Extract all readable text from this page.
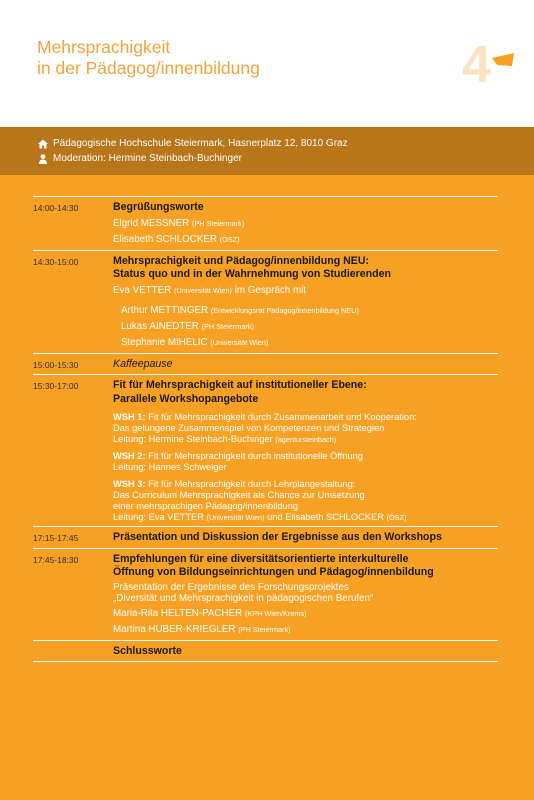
Mehrsprachigkeit
in der Pädagog/innenbildung	4
Pädagogische Hochschule Steiermark, Hasnerplatz 12, 8010 Graz
Moderation: Hermine Steinbach-Buchinger
14:00-14:30	Begrüßungsworte
Elgrid MESSNER (PH Steiermark)
Elisabeth SCHLOCKER (ÖSZ)
14:30-15:00	Mehrsprachigkeit und Pädagog/innenbildung NEU:
Status quo und in der Wahrnehmung von Studierenden
Eva VETTER (Universität Wien) im Gespräch mit
Arthur METTINGER (Entwicklungsrat Pädagog/innenbildung NEU)
Lukas AINEDTER (PH Steiermark)
Stephanie MIHELIC (Universität Wien)
15:00-15:30	Kaffeepause
15:30-17:00	Fit für Mehrsprachigkeit auf institutioneller Ebene:
Parallele Workshopangebote
WSH 1: Fit für Mehrsprachigkeit durch Zusammenarbeit und Kooperation:
Das gelungene Zusammenspiel von Kompetenzen und Strategien
Leitung: Hermine Steinbach-Buchinger (agentursteinbach)
WSH 2: Fit für Mehrsprachigkeit durch institutionelle Öffnung
Leitung: Hannes Schweiger
WSH 3: Fit für Mehrsprachigkeit durch Lehrplangestaltung:
Das Curriculum Mehrsprachigkeit als Chance zur Umsetzung
einer mehrsprachigen Pädagog/innenbildung
Leitung: Eva VETTER (Universität Wien) und Elisabeth SCHLOCKER (ÖSZ)
17:15-17:45	Präsentation und Diskussion der Ergebnisse aus den Workshops
17:45-18:30	Empfehlungen für eine diversitätsorientierte interkulturelle
Öffnung von Bildungseinrichtungen und Pädagog/innenbildung
Präsentation der Ergebnisse des Forschungsprojektes
„Diversität und Mehrsprachigkeit in pädagogischen Berufen“
Maria-Rita HELTEN-PACHER (KPH Wien/Krems)
Martina HUBER-KRIEGLER (PH Steiermark)
Schlussworte
